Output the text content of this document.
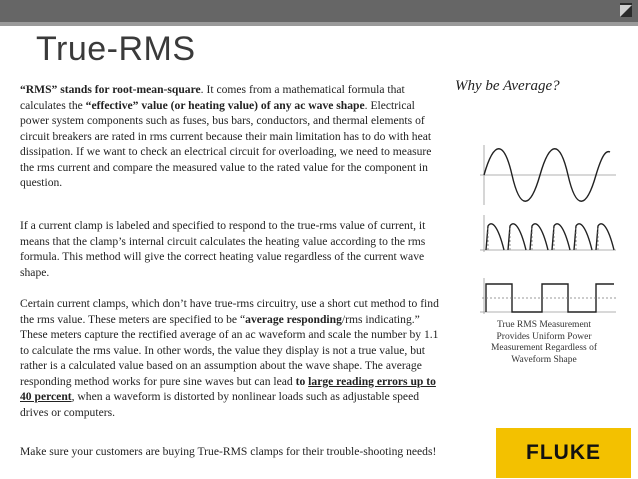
True-RMS
Why be Average?

“RMS” stands for root-mean-square. It comes from a mathematical formula that calculates the “effective” value (or heating value) of any ac wave shape. Electrical power system components such as fuses, bus bars, conductors, and thermal elements of circuit breakers are rated in rms current because their main limitation has to do with heat dissipation. If we want to check an electrical circuit for overloading, we need to measure the rms current and compare the measured value to the rated value for the component in question.

If a current clamp is labeled and specified to respond to the true-rms value of current, it means that the clamp’s internal circuit calculates the heating value according to the rms formula. This method will give the correct heating value regardless of the current wave shape.

Certain current clamps, which don’t have true-rms circuitry, use a short cut method to find the rms value. These meters are specified to be “average responding/rms indicating.” These meters capture the rectified average of an ac waveform and scale the number by 1.1 to calculate the rms value. In other words, the value they display is not a true value, but rather is a calculated value based on an assumption about the wave shape. The average responding method works for pure sine waves but can lead to large reading errors up to 40 percent, when a waveform is distorted by nonlinear loads such as adjustable speed drives or computers.

Make sure your customers are buying True-RMS clamps for their trouble-shooting needs!

True RMS Measurement Provides Uniform Power Measurement Regardless of Waveform Shape
FLUKE
